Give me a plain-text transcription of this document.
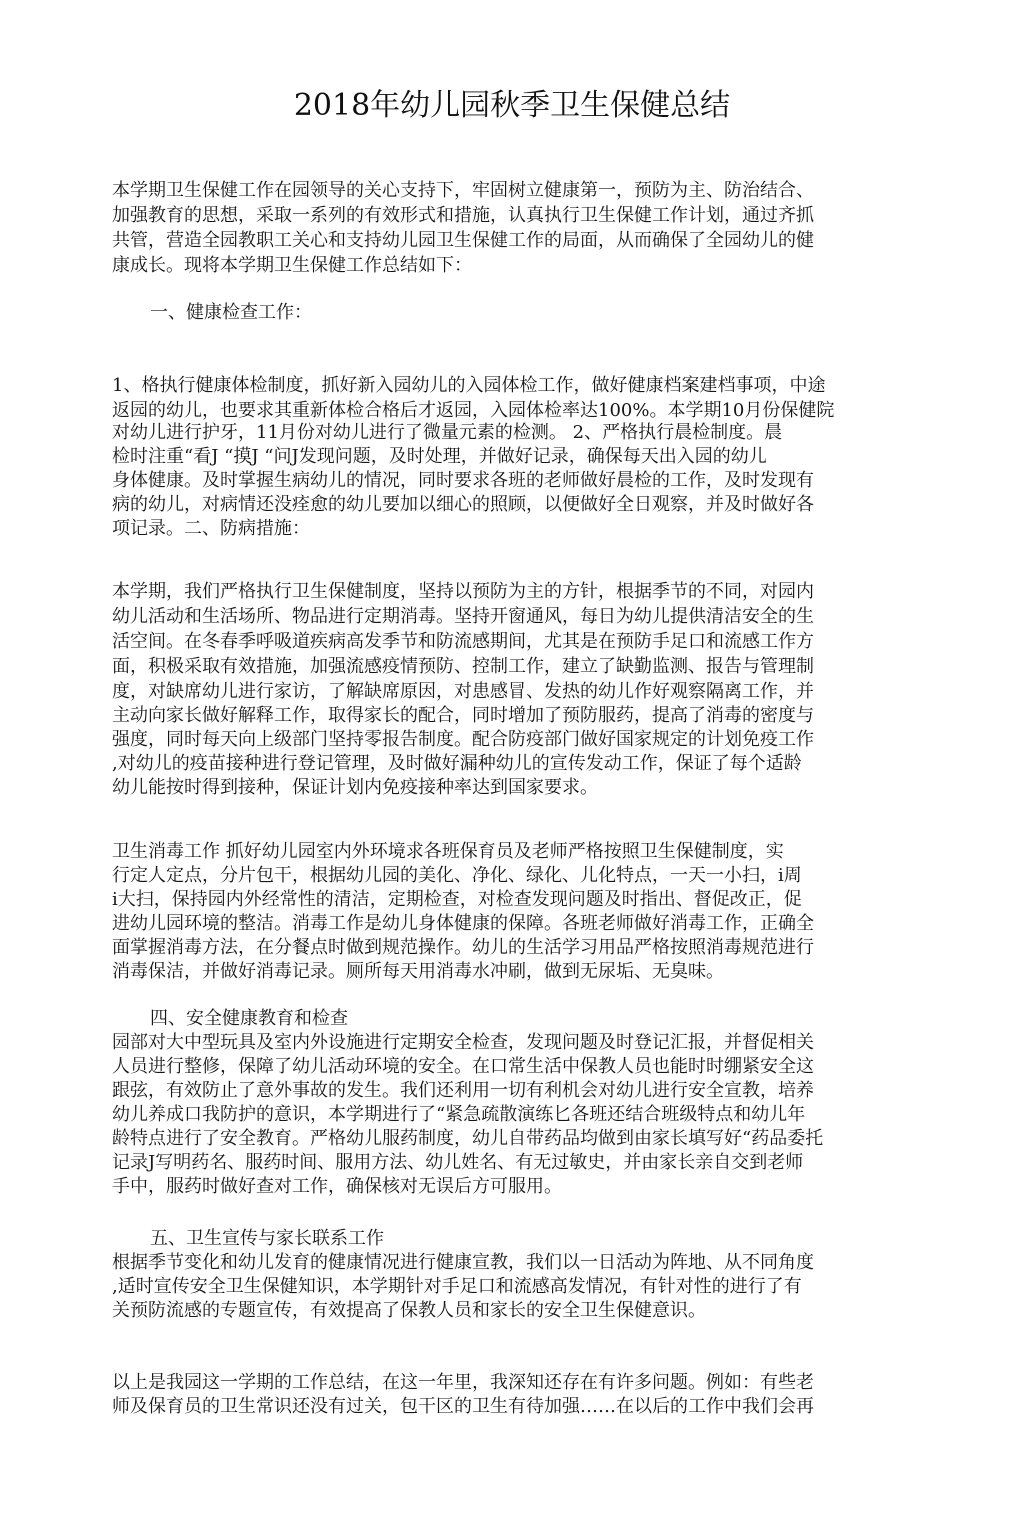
2018年幼儿园秋季卫生保健总结
本学期卫生保健工作在园领导的关心支持下，牢固树立健康第一，预防为主、防治结合、
加强教育的思想，采取一系列的有效形式和措施，认真执行卫生保健工作计划，通过齐抓
共管，营造全园教职工关心和支持幼儿园卫生保健工作的局面，从而确保了全园幼儿的健
康成长。现将本学期卫生保健工作总结如下：
一、健康检查工作：
1、格执行健康体检制度，抓好新入园幼儿的入园体检工作，做好健康档案建档事项，中途
返园的幼儿，也要求其重新体检合格后才返园，入园体检率达100%。本学期10月份保健院
对幼儿进行护牙，11月份对幼儿进行了微量元素的检测。 2、严格执行晨检制度。晨
检时注重“看J “摸J “问J发现问题，及时处理，并做好记录，确保每天出入园的幼儿
身体健康。及时掌握生病幼儿的情况，同时要求各班的老师做好晨检的工作，及时发现有
病的幼儿，对病情还没痊愈的幼儿要加以细心的照顾，以便做好全日观察，并及时做好各
项记录。二、防病措施：
本学期，我们严格执行卫生保健制度，坚持以预防为主的方针，根据季节的不同，对园内
幼儿活动和生活场所、物品进行定期消毒。坚持开窗通风，每日为幼儿提供清洁安全的生
活空间。在冬春季呼吸道疾病高发季节和防流感期间，尤其是在预防手足口和流感工作方
面，积极采取有效措施，加强流感疫情预防、控制工作，建立了缺勤监测、报告与管理制
度，对缺席幼儿进行家访，了解缺席原因，对患感冒、发热的幼儿作好观察隔离工作，并
主动向家长做好解释工作，取得家长的配合，同时增加了预防服药，提高了消毒的密度与
强度，同时每天向上级部门坚持零报告制度。配合防疫部门做好国家规定的计划免疫工作
,对幼儿的疫苗接种进行登记管理，及时做好漏种幼儿的宣传发动工作，保证了每个适龄
幼儿能按时得到接种，保证计划内免疫接种率达到国家要求。
卫生消毒工作 抓好幼儿园室内外环境求各班保育员及老师严格按照卫生保健制度，实
行定人定点，分片包干，根据幼儿园的美化、净化、绿化、儿化特点，一天一小扫，i周
i大扫，保持园内外经常性的清洁，定期检查，对检查发现问题及时指出、督促改正，促
进幼儿园环境的整洁。消毒工作是幼儿身体健康的保障。各班老师做好消毒工作，正确全
面掌握消毒方法，在分餐点时做到规范操作。幼儿的生活学习用品严格按照消毒规范进行
消毒保洁，并做好消毒记录。厕所每天用消毒水冲刷，做到无尿垢、无臭味。
四、安全健康教育和检查
园部对大中型玩具及室内外设施进行定期安全检查，发现问题及时登记汇报，并督促相关
人员进行整修，保障了幼儿活动环境的安全。在口常生活中保教人员也能时时绷紧安全这
跟弦，有效防止了意外事故的发生。我们还利用一切有利机会对幼儿进行安全宣教，培养
幼儿养成口我防护的意识，本学期进行了“紧急疏散演练匕各班还结合班级特点和幼儿年
龄特点进行了安全教育。严格幼儿服药制度，幼儿自带药品均做到由家长填写好“药品委托
记录J写明药名、服药时间、服用方法、幼儿姓名、有无过敏史，并由家长亲自交到老师
手中，服药时做好查对工作，确保核对无误后方可服用。
五、卫生宣传与家长联系工作
根据季节变化和幼儿发育的健康情况进行健康宣教，我们以一日活动为阵地、从不同角度
,适时宣传安全卫生保健知识，本学期针对手足口和流感高发情况，有针对性的进行了有
关预防流感的专题宣传，有效提高了保教人员和家长的安全卫生保健意识。
以上是我园这一学期的工作总结，在这一年里，我深知还存在有许多问题。例如：有些老
师及保育员的卫生常识还没有过关，包干区的卫生有待加强……在以后的工作中我们会再
